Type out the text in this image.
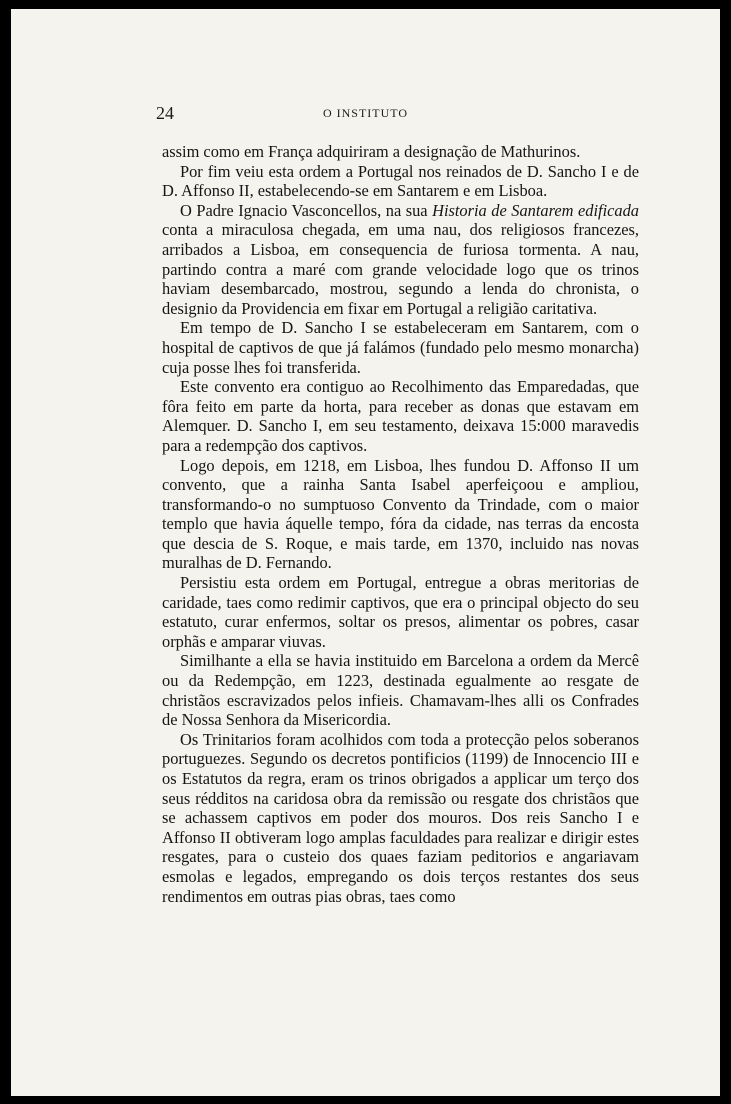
24	O INSTITUTO

assim como em França adquiriram a designação de Mathurinos.

Por fim veiu esta ordem a Portugal nos reinados de D. Sancho I e de D. Affonso II, estabelecendo-se em Santarem e em Lisboa.

O Padre Ignacio Vasconcellos, na sua Historia de Santarem edificada conta a miraculosa chegada, em uma nau, dos religiosos francezes, arribados a Lisboa, em consequencia de furiosa tormenta. A nau, partindo contra a maré com grande velocidade logo que os trinos haviam desembarcado, mostrou, segundo a lenda do chronista, o designio da Providencia em fixar em Portugal a religião caritativa.

Em tempo de D. Sancho I se estabeleceram em Santarem, com o hospital de captivos de que já falámos (fundado pelo mesmo monarcha) cuja posse lhes foi transferida.

Este convento era contiguo ao Recolhimento das Emparedadas, que fôra feito em parte da horta, para receber as donas que estavam em Alemquer. D. Sancho I, em seu testamento, deixava 15:000 maravedis para a redempção dos captivos.

Logo depois, em 1218, em Lisboa, lhes fundou D. Affonso II um convento, que a rainha Santa Isabel aperfeiçoou e ampliou, transformando-o no sumptuoso Convento da Trindade, com o maior templo que havia áquelle tempo, fóra da cidade, nas terras da encosta que descia de S. Roque, e mais tarde, em 1370, incluido nas novas muralhas de D. Fernando.

Persistiu esta ordem em Portugal, entregue a obras meritorias de caridade, taes como redimir captivos, que era o principal objecto do seu estatuto, curar enfermos, soltar os presos, alimentar os pobres, casar orphãs e amparar viuvas.

Similhante a ella se havia instituido em Barcelona a ordem da Mercê ou da Redempção, em 1223, destinada egualmente ao resgate de christãos escravizados pelos infieis. Chamavam-lhes alli os Confrades de Nossa Senhora da Misericordia.

Os Trinitarios foram acolhidos com toda a protecção pelos soberanos portuguezes. Segundo os decretos pontificios (1199) de Innocencio III e os Estatutos da regra, eram os trinos obrigados a applicar um terço dos seus rédditos na caridosa obra da remissão ou resgate dos christãos que se achassem captivos em poder dos mouros. Dos reis Sancho I e Affonso II obtiveram logo amplas faculdades para realizar e dirigir estes resgates, para o custeio dos quaes faziam peditorios e angariavam esmolas e legados, empregando os dois terços restantes dos seus rendimentos em outras pias obras, taes como
